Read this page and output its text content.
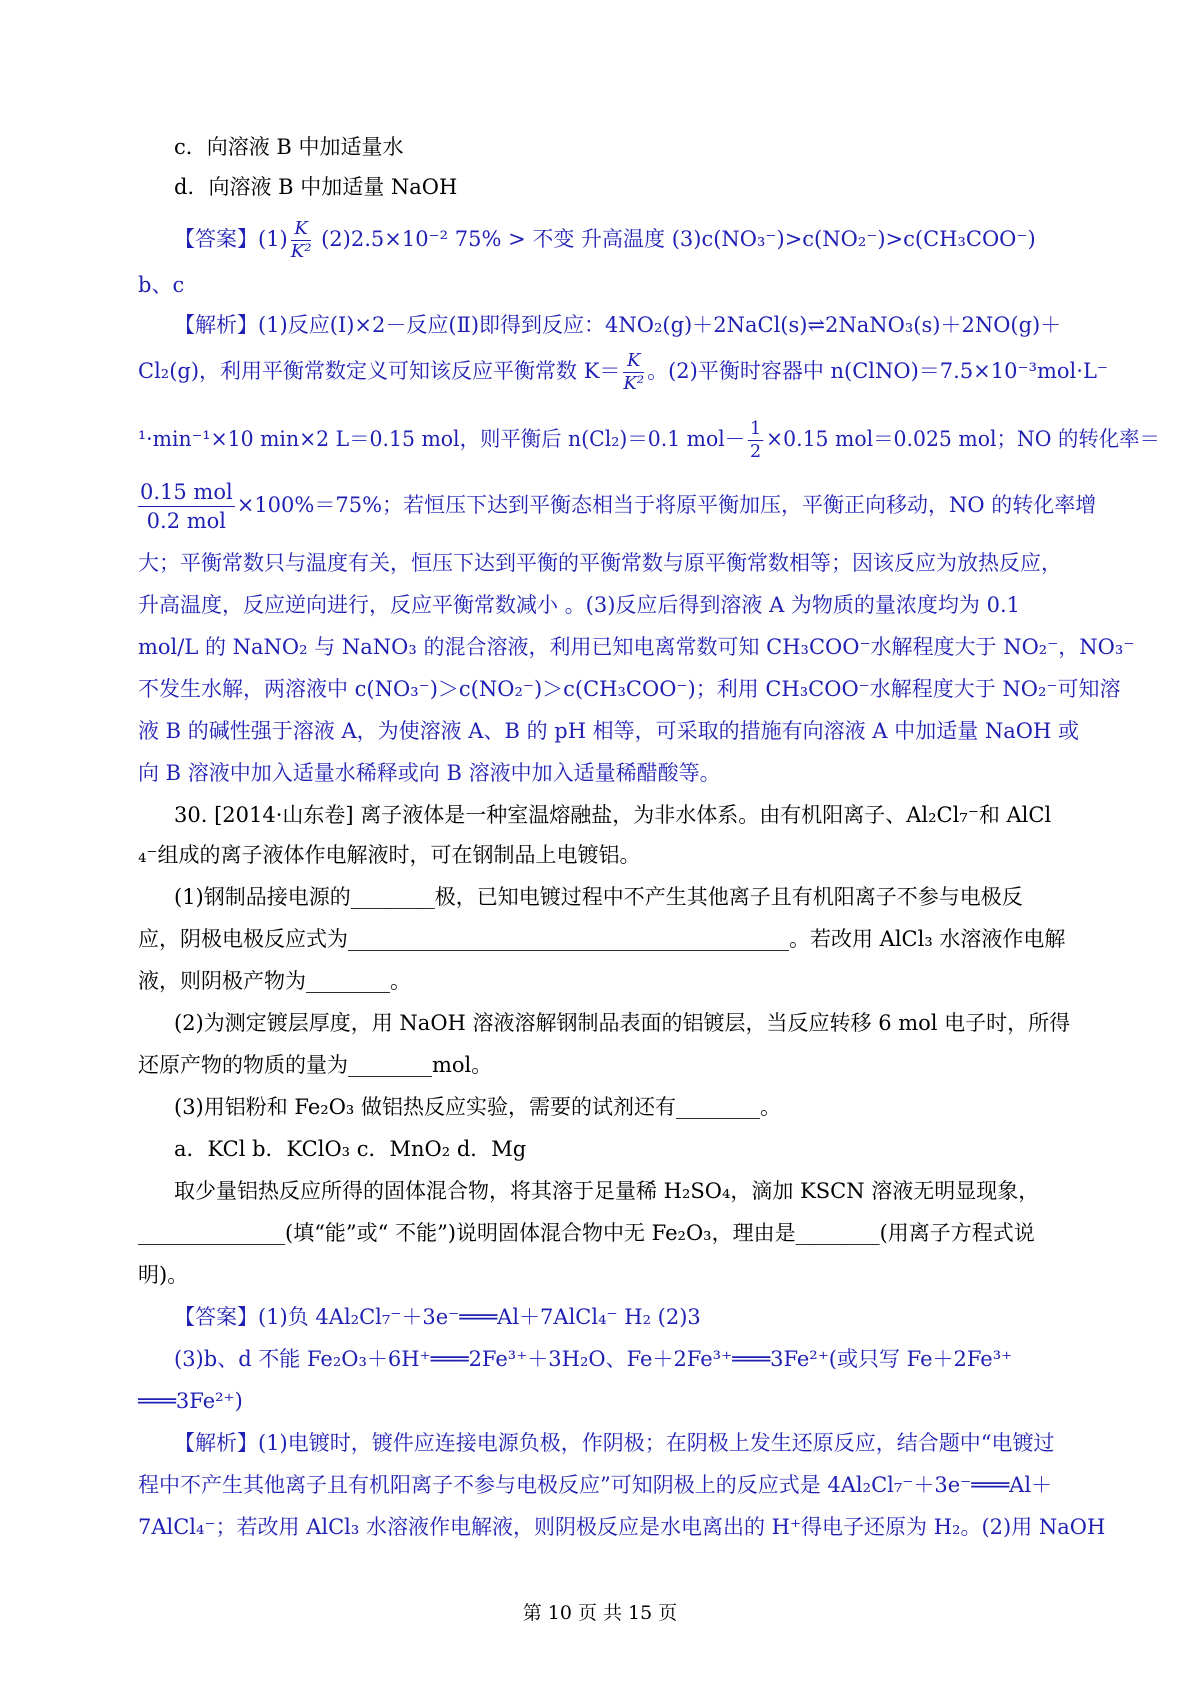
c．向溶液 B 中加适量水
d．向溶液 B 中加适量 NaOH
【答案】$(1) \frac{K}{\text{K²}} (2)2.5\times 10^{-2}$ 75% > 不变 升高温度 (3)c(NO₃⁻)>c(NO₂⁻)>c(CH₃COO⁻)
b、c
【解析】(1)反应(Ⅰ)×2－反应(Ⅱ)即得到反应：4NO₂(g)＋2NaCl(s)⇌2NaNO₃(s)＋2NO(g)＋
Cl₂(g)，利用平衡常数定义可知该反应平衡常数 $K= \frac{K}{\text{K²}}$ 。(2)平衡时容器中 n(ClNO)＝7.5×10⁻³mol·L⁻
¹·min⁻¹×10 min×2 L＝0.15 mol，则平衡后 n(Cl₂)＝0.1 $mol- \frac{1}{2} \times 0.15$ mol＝0.025 mol；NO 的转化率＝
$\frac{\text{0.15 mol}}{\text{0.2 mol}} \times 100\%=75\%$；若恒压下达到平衡态相当于将原平衡加压，平衡正向移动，NO 的转化率增
大；平衡常数只与温度有关，恒压下达到平衡的平衡常数与原平衡常数相等；因该反应为放热反应，
升高温度，反应逆向进行，反应平衡常数减小 。(3)反应后得到溶液 A 为物质的量浓度均为 0.1
mol/L 的 NaNO₂ 与 NaNO₃ 的混合溶液，利用已知电离常数可知 CH₃COO⁻水解程度大于 NO₂⁻，NO₃⁻
不发生水解，两溶液中 c(NO₃⁻)＞c(NO₂⁻)＞c(CH₃COO⁻)；利用 CH₃COO⁻水解程度大于 NO₂⁻可知溶
液 B 的碱性强于溶液 A，为使溶液 A、B 的 pH 相等，可采取的措施有向溶液 A 中加适量 NaOH 或
向 B 溶液中加入适量水稀释或向 B 溶液中加入适量稀醋酸等。
30. [2014·山东卷] 离子液体是一种室温熔融盐，为非水体系。由有机阳离子、Al₂Cl₇⁻和 AlCl
₄⁻组成的离子液体作电解液时，可在钢制品上电镀铝。
(1)钢制品接电源的________极，已知电镀过程中不产生其他离子且有机阳离子不参与电极反
应，阴极电极反应式为__________________________________________。若改用 AlCl₃ 水溶液作电解
液，则阴极产物为________。
(2)为测定镀层厚度，用 NaOH 溶液溶解钢制品表面的铝镀层，当反应转移 6 mol 电子时，所得
还原产物的物质的量为________mol。
(3)用铝粉和 Fe₂O₃ 做铝热反应实验，需要的试剂还有________。
a．KCl b．KClO₃ c．MnO₂ d．Mg
取少量铝热反应所得的固体混合物，将其溶于足量稀 H₂SO₄，滴加 KSCN 溶液无明显现象，
______________(填“能”或“ 不能”)说明固体混合物中无 Fe₂O₃，理由是________(用离子方程式说
明)。
【答案】(1)负 4Al₂Cl₇⁻＋3e⁻═══Al＋7AlCl₄⁻ H₂ (2)3
(3)b、d 不能 Fe₂O₃＋6H⁺═══2Fe³⁺＋3H₂O、Fe＋2Fe³⁺═══3Fe²⁺(或只写 Fe＋2Fe³⁺
═══3Fe²⁺)
【解析】(1)电镀时，镀件应连接电源负极，作阴极；在阴极上发生还原反应，结合题中“电镀过
程中不产生其他离子且有机阳离子不参与电极反应”可知阴极上的反应式是 4Al₂Cl₇⁻＋3e⁻═══Al＋
7AlCl₄⁻；若改用 AlCl₃ 水溶液作电解液，则阴极反应是水电离出的 H⁺得电子还原为 H₂。(2)用 NaOH
第 10 页 共 15 页
